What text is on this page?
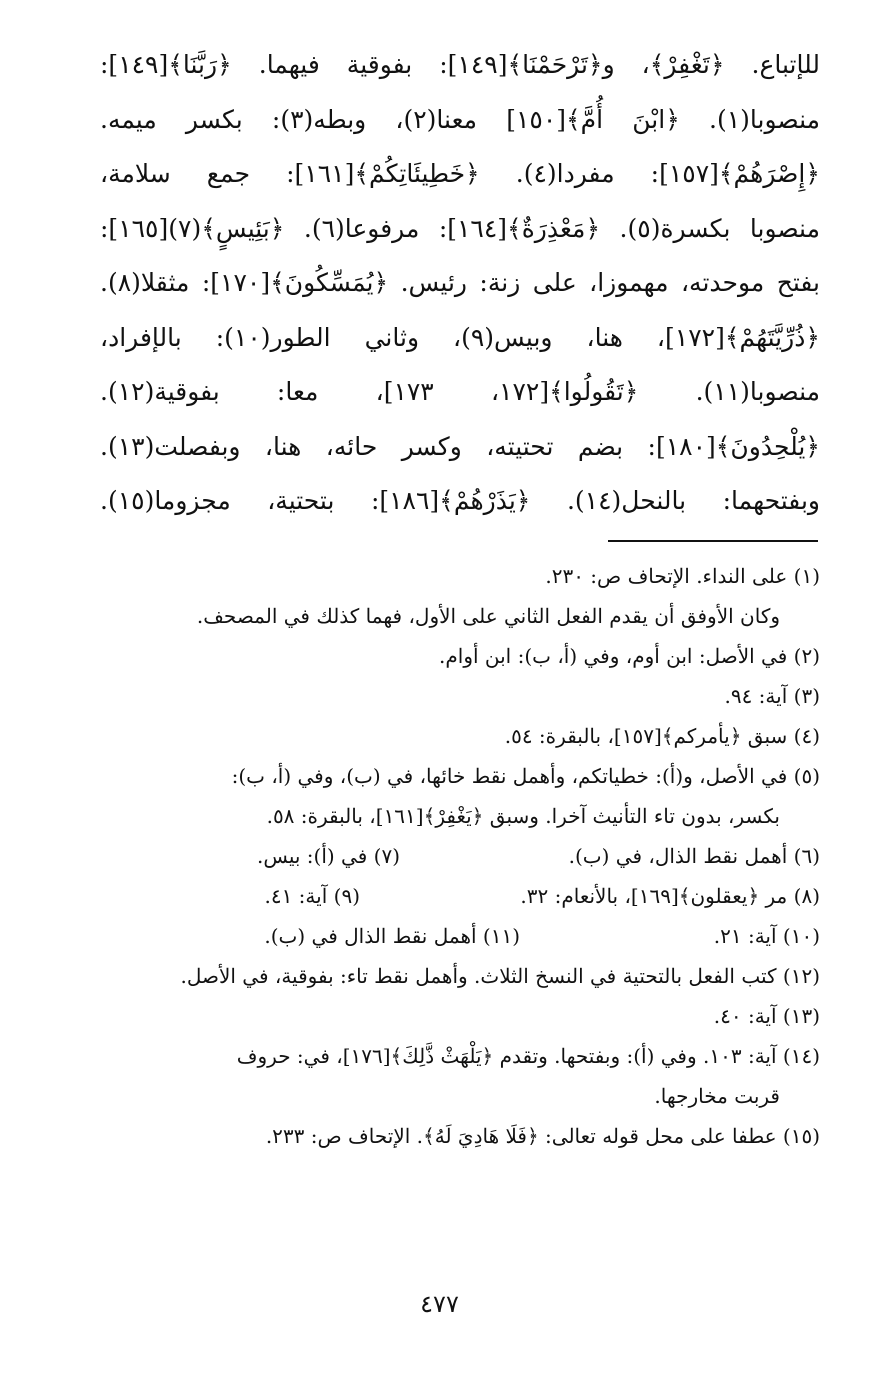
للإتباع. ﴿تَغْفِرْ﴾، و﴿تَرْحَمْنَا﴾[١٤٩]: بفوقية فيهما. ﴿رَبَّنَا﴾[١٤٩]:
منصوبا(١). ﴿ابْنَ أُمَّ﴾[١٥٠] معنا(٢)، وبطه(٣): بكسر ميمه.
﴿إِصْرَهُمْ﴾[١٥٧]: مفردا(٤). ﴿خَطِيئَاتِكُمْ﴾[١٦١]: جمع سلامة،
منصوبا بكسرة(٥). ﴿مَعْذِرَةٌ﴾[١٦٤]: مرفوعا(٦). ﴿بَئِيسٍ﴾(٧)[١٦٥]:
بفتح موحدته، مهموزا، على زنة: رئيس. ﴿يُمَسِّكُونَ﴾[١٧٠]: مثقلا(٨).
﴿ذُرِّيَّتَهُمْ﴾[١٧٢]، هنا، وبيس(٩)، وثاني الطور(١٠): بالإفراد،
منصوبا(١١). ﴿تَقُولُوا﴾[١٧٢، ١٧٣]، معا: بفوقية(١٢).
﴿يُلْحِدُونَ﴾[١٨٠]: بضم تحتيته، وكسر حائه، هنا، وبفصلت(١٣).
وبفتحهما: بالنحل(١٤). ﴿يَذَرْهُمْ﴾[١٨٦]: بتحتية، مجزوما(١٥).
(١) على النداء. الإتحاف ص: ٢٣٠.
وكان الأوفق أن يقدم الفعل الثاني على الأول، فهما كذلك في المصحف.
(٢) في الأصل: ابن أوم، وفي (أ، ب): ابن أوام.
(٣) آية: ٩٤.
(٤) سبق ﴿يأمركم﴾[١٥٧]، بالبقرة: ٥٤.
(٥) في الأصل، و(أ): خطياتكم، وأهمل نقط خائها، في (ب)، وفي (أ، ب):
بكسر، بدون تاء التأنيث آخرا. وسبق ﴿يَغْفِرْ﴾[١٦١]، بالبقرة: ٥٨.
(٦) أهمل نقط الذال، في (ب).
(٧) في (أ): بيس.
(٨) مر ﴿يعقلون﴾[١٦٩]، بالأنعام: ٣٢.
(٩) آية: ٤١.
(١٠) آية: ٢١.
(١١) أهمل نقط الذال في (ب).
(١٢) كتب الفعل بالتحتية في النسخ الثلاث. وأهمل نقط تاء: بفوقية، في الأصل.
(١٣) آية: ٤٠.
(١٤) آية: ١٠٣. وفي (أ): وبفتحها. وتقدم ﴿يَلْهَثْ ذَّلِكَ﴾[١٧٦]، في: حروف
قربت مخارجها.
(١٥) عطفا على محل قوله تعالى: ﴿فَلَا هَادِيَ لَهُ﴾. الإتحاف ص: ٢٣٣.
٤٧٧
